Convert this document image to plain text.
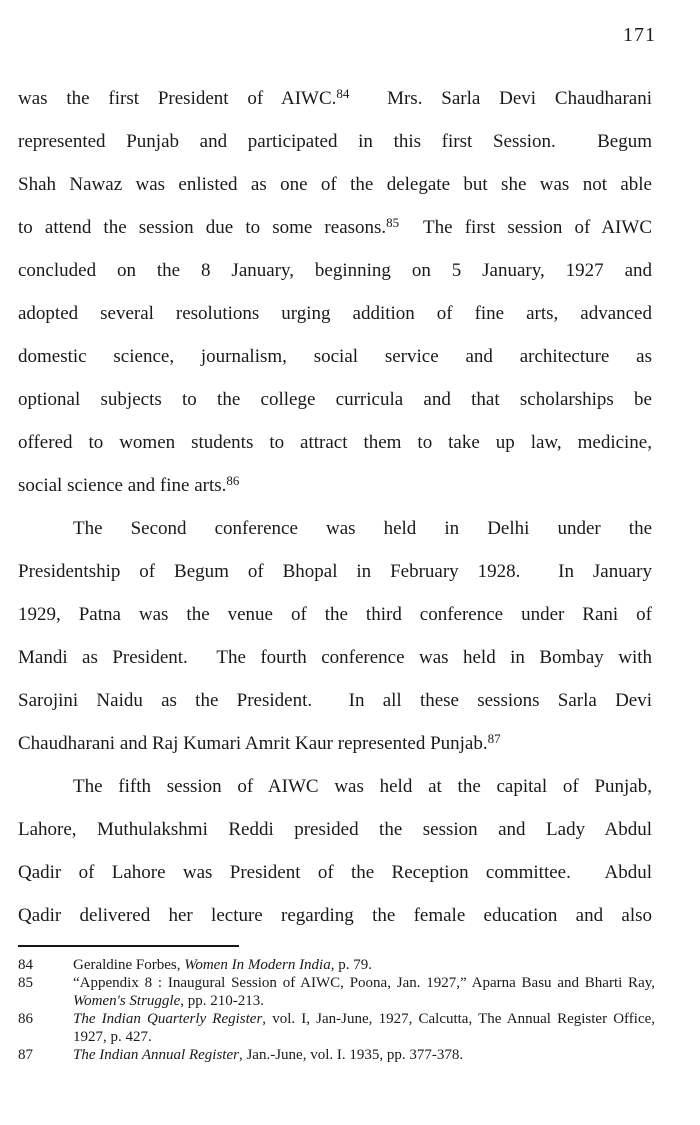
171
was the first President of AIWC.$^{84}$  Mrs. Sarla Devi Chaudharani
represented Punjab and participated in this first Session.  Begum
Shah Nawaz was enlisted as one of the delegate but she was not able
to attend the session due to some reasons.$^{85}$  The first session of AIWC
concluded on the 8 January, beginning on 5 January, 1927 and
adopted several resolutions urging addition of fine arts, advanced
domestic science, journalism, social service and architecture as
optional subjects to the college curricula and that scholarships be
offered to women students to attract them to take up law, medicine,
social science and fine arts.$^{86}$
The Second conference was held in Delhi under the
Presidentship of Begum of Bhopal in February 1928.  In January
1929, Patna was the venue of the third conference under Rani of
Mandi as President.  The fourth conference was held in Bombay with
Sarojini Naidu as the President.  In all these sessions Sarla Devi
Chaudharani and Raj Kumari Amrit Kaur represented Punjab.$^{87}$
The fifth session of AIWC was held at the capital of Punjab,
Lahore, Muthulakshmi Reddi presided the session and Lady Abdul
Qadir of Lahore was President of the Reception committee.  Abdul
Qadir delivered her lecture regarding the female education and also
84	Geraldine Forbes, Women In Modern India, p. 79.
85	“Appendix 8 : Inaugural Session of AIWC, Poona, Jan. 1927,” Aparna Basu and Bharti Ray,
Women's Struggle, pp. 210-213.
86	The Indian Quarterly Register, vol. I, Jan-June, 1927, Calcutta, The Annual Register Office,
1927, p. 427.
87	The Indian Annual Register, Jan.-June, vol. I. 1935, pp. 377-378.
